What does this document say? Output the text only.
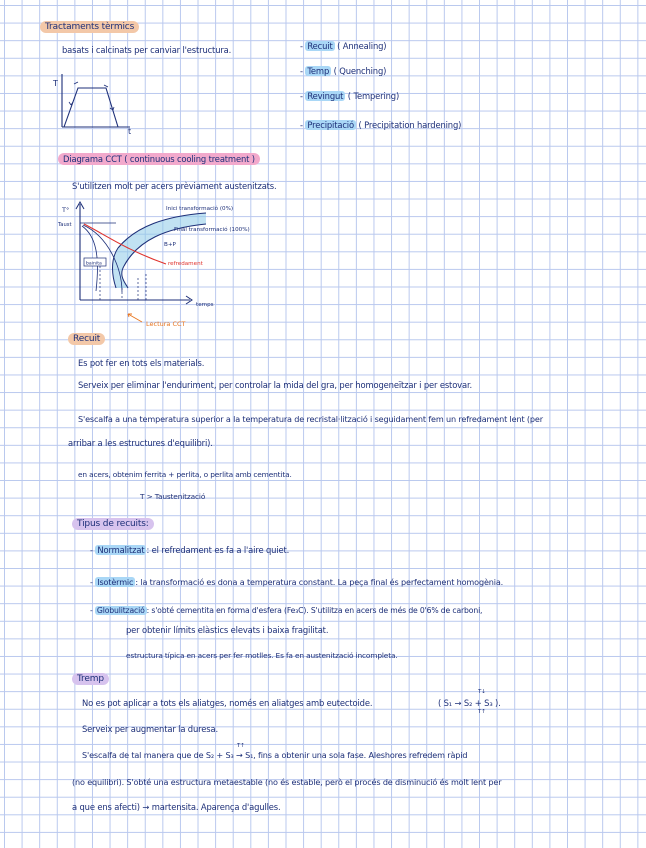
Tractaments tèrmics
basats i calcinats per canviar l'estructura.
T
t
- Recuit ( Annealing)
- Temp ( Quenching)
- Revingut ( Tempering)
- Precipitació ( Precipitation hardening)
Diagrama CCT ( continuous cooling treatment )
S'utilitzen molt per acers prèviament austenitzats.
T°
Taust
Inici transformació (0%)
Final transformació (100%)
B+P
refredament
bainita
temps
Lectura CCT
Recuit
Es pot fer en tots els materials.
Serveix per eliminar l'enduriment, per controlar la mida del gra, per homogeneïtzar i per estovar.
S'escalfa a una temperatura superior a la temperatura de recristal·lització i seguidament fem un refredament lent (per
arribar a les estructures d'equilibri).
en acers, obtenim ferrita + perlita, o perlita amb cementita.
T > Taustenització
Tipus de recuits:
- Normalitzat : el refredament es fa a l'aire quiet.
- Isotèrmic : la transformació es dona a temperatura constant. La peça final és perfectament homogènia.
- Globulització : s'obté cementita en forma d'esfera (Fe₃C). S'utilitza en acers de més de 0'6% de carboni,
per obtenir límits elàstics elevats i baixa fragilitat.
estructura típica en acers per fer motlles. Es fa en austenització incompleta.
Tremp
No es pot aplicar a tots els aliatges, només en aliatges amb eutectoide.	( S₁ → S₂ + S₃ ).
T↓
T↑
Serveix per augmentar la duresa.
S'escalfa de tal manera que de S₂ + S₃ →
T↑
S₁, fins a obtenir una sola fase. Aleshores refredem ràpid
(no equilibri). S'obté una estructura metaestable (no és estable, però el procés de disminució és molt lent per
a que ens afecti) → martensita. Aparença d'agulles.
